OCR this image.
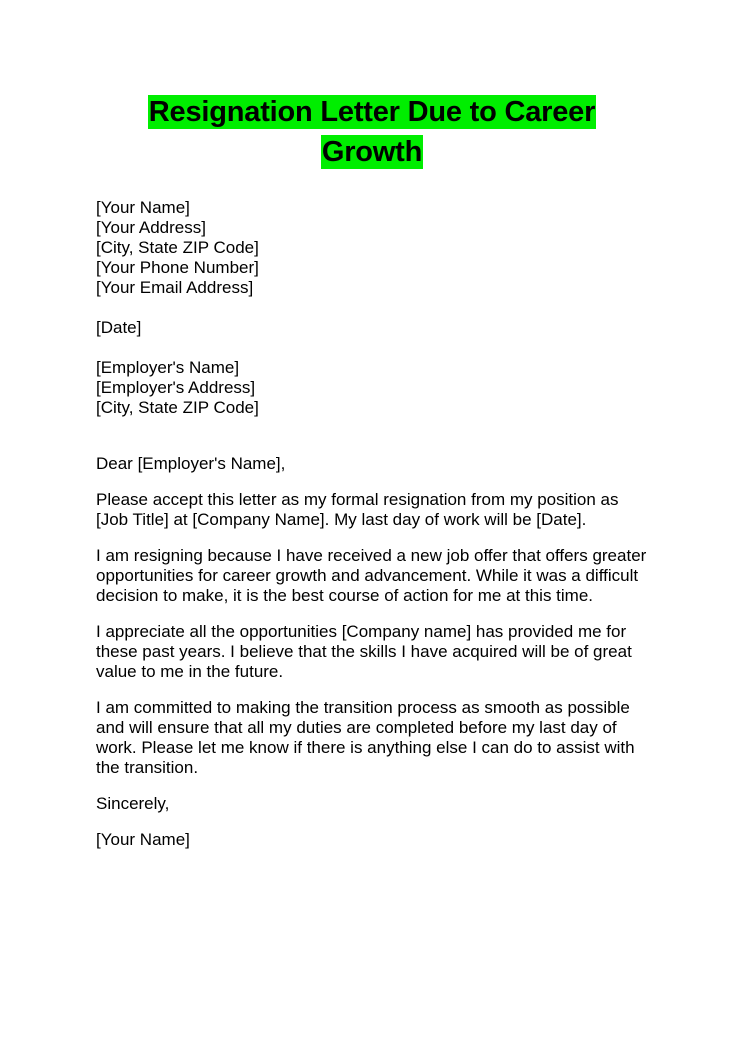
Resignation Letter Due to Career Growth
[Your Name]
[Your Address]
[City, State ZIP Code]
[Your Phone Number]
[Your Email Address]
[Date]
[Employer's Name]
[Employer's Address]
[City, State ZIP Code]
Dear [Employer's Name],
Please accept this letter as my formal resignation from my position as [Job Title] at [Company Name]. My last day of work will be [Date].
I am resigning because I have received a new job offer that offers greater opportunities for career growth and advancement. While it was a difficult decision to make, it is the best course of action for me at this time.
I appreciate all the opportunities [Company name] has provided me for these past years. I believe that the skills I have acquired will be of great value to me in the future.
I am committed to making the transition process as smooth as possible and will ensure that all my duties are completed before my last day of work. Please let me know if there is anything else I can do to assist with the transition.
Sincerely,
[Your Name]
